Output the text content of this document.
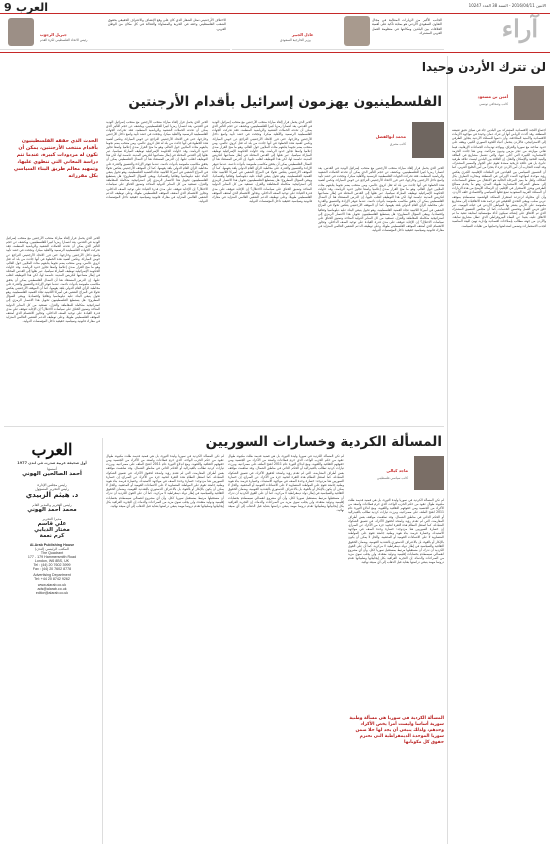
9 العرب	الاثنين 2016/04/11 - السنة 38 العدد 10247
جبريل الرجوب
رئيس الاتحاد الفلسطيني لكرة القدم
الاختلاف الأرجنتيني تمثل الشعار الذي كان على وقع الإنصاف والاعتراف الحقيقي بحقوق الشعب الفلسطيني وحقه في الحرية والمساواة والعدالة في كل مكان من الوطن العربي.
عادل الجبير
وزير الخارجية السعودي
الجانب الأكبر من الزيارات المتتالية في مجال التعاون السعودي الأردني هو بمثابة تأكيد على أهمية العلاقات بين البلدين ومكانتها في منظومة العمل العربي المشترك. آراء
لن تترك الأردن وحيدا
أمين بن مسعود
كاتب وصحافي تونسي

اجتماع اللجنة الاقتصادية المشتركة بين البلدين جاء في سياق دقيق تعيشه المنطقة، وقد أكدت الرياض أنها لن تترك عمان وحيدة في مواجهة الأزمات الاقتصادية والأمنية المتلاحقة، وأن دعمها للمملكة الأردنية يتجاوز الظرفي إلى الاستراتيجي. فالأردن يتحمل أعباء اللجوء السوري الكبير، ويقف على حدود ساخنة مع سوريا والعراق، ويواجه تهديدات الجماعات الإرهابية، فيما تعاني موازنته من عجز مزمن وديون متراكمة. ومن هنا جاءت الحزمة الاستثمارية الكبيرة التي أعلن عنها، والتي تشمل مشاريع في الطاقة والبنية التحتية والإسكان والنقل. إن العلاقة بين البلدين ليست علاقة ظرفية عابرة، بل هي علاقة تاريخية ممتدة تقوم على الجوار والمصير المشترك، وقد أثبتت التجارب أن أمن الأردن جزء لا يتجزأ من أمن الخليج العربي. كما أن التنسيق السياسي بين القيادتين في الملفات الإقليمية الكبرى يعكس رؤية موحدة لمواجهة التمدد الإيراني في المنطقة ومحاربة التطرف بكل أشكاله. ولعل ما يميز المرحلة الحالية هو الانتقال من منطق المساعدات إلى منطق الشراكة الاستثمارية طويلة المدى، وهو ما يخدم مصالح الطرفين ويعزز الاستقرار في الإقليم. إن الرسالة الأوضح من هذه الزيارات أن المملكة العربية السعودية تضع ثقلها السياسي والاقتصادي خلف الأردن، وأن أي محاولة لزعزعة استقرار المملكة الهاشمية ستصطدم بموقف عربي صلب. ويبقى التحدي الحقيقي في ترجمة هذه الاتفاقيات إلى مشاريع ملموسة على الأرض يشعر بها المواطن الأردني في حياته اليومية، عبر خلق فرص العمل وتحسين الخدمات. كما أن مجلس التنسيق المشترك الذي تم الاتفاق على إنشائه سيكون أداة مؤسساتية لمتابعة تنفيذ ما تم الاتفاق عليه، بعيدا عن البطء البيروقراطي الذي عطل مشاريع سابقة. والأردن من جهته مطالب بإصلاحات اقتصادية وإدارية تهيئ البيئة المناسبة لجذب الاستثمارات وتضمن استدامتها وحمايتها من تقلبات السياسة.

الفلسطينيون يهزمون إسرائيل بأقدام الأرجنتين
محمد أبوالفضل
كاتب مصري
الحدث الذي حققه الفلسطينيون بأقدام منتخب الأرجنتين، يمكن أن تكون له مردودات كبيرة، عندما تتم دراسة المعاني التي تنطوي عليها، وتمهيد معالم طريق البناء السياسي بكل مقرراته

الخبر الذي يحمل قرار إلغاء مباراة منتخب الأرجنتين مع منتخب إسرائيل الودية في القدس، يعد انتصارا رمزيا كبيرا للفلسطينيين، ويكشف عن حجم التأثير الذي يمكن أن تحدثه الحملات الشعبية والرياضية المنظمة. فقد تحركت الجهات الفلسطينية الرسمية والأهلية مبكرا، ونجحت في حشد تأييد واسع داخل الأرجنتين وخارجها، حتى قرر الاتحاد الأرجنتيني التراجع عن خوض المباراة. وتكمن أهمية هذه الخطوة في أنها جاءت من بلد له ثقل كروي عالمي، ومن منتخب يضم نجوما يتابعهم مئات الملايين حول العالم، وهو ما منح القرار صدى إعلاميا واسعا تجاوز حدود الرياضة. وقد حاولت الحكومة الإسرائيلية توظيف المباراة سياسيا، عبر نقلها إلى القدس المحتلة في إطار مساعيها لتكريس المدينة عاصمة لها، لكن هذا التوظيف انقلب عليها. إن الدرس المستفاد هنا أن النضال الفلسطيني يمكن أن يحقق مكاسب ملموسة بأدوات ناعمة، عندما تتوفر الإرادة والتنسيق والقدرة على مخاطبة الرأي العام الدولي بلغة يفهمها. كما أن الموقف الأرجنتيني يعكس تحولا في المزاج الشعبي في أميركا اللاتينية تجاه القضية الفلسطينية، وهو تحول ينبغي البناء عليه دبلوماسيا وثقافيا واقتصاديا. ويبقى السؤال المطروح: هل يستطيع الفلسطينيون تحويل هذا الانتصار الرمزي إلى استراتيجية متكاملة للمقاطعة والعزل، تستفيد من كل المنابر الدولية المتاحة وتضيق الخناق على سياسات الاحتلال؟ إن الإجابة تتوقف على مدى قدرة القيادة على توحيد الصف الداخلي، وتجاوز الانقسام الذي أضعف الموقف الفلسطيني طويلا، وعلى توظيف الدعم الشعبي العالمي المتزايد في معارك قانونية وسياسية حقيقية داخل المؤسسات الدولية.

الخبر الذي يحمل قرار إلغاء مباراة منتخب الأرجنتين مع منتخب إسرائيل الودية في القدس، يعد انتصارا رمزيا كبيرا للفلسطينيين، ويكشف عن حجم التأثير الذي يمكن أن تحدثه الحملات الشعبية والرياضية المنظمة. فقد تحركت الجهات الفلسطينية الرسمية والأهلية مبكرا، ونجحت في حشد تأييد واسع داخل الأرجنتين وخارجها، حتى قرر الاتحاد الأرجنتيني التراجع عن خوض المباراة. وتكمن أهمية هذه الخطوة في أنها جاءت من بلد له ثقل كروي عالمي، ومن منتخب يضم نجوما يتابعهم مئات الملايين حول العالم، وهو ما منح القرار صدى إعلاميا واسعا تجاوز حدود الرياضة. وقد حاولت الحكومة الإسرائيلية توظيف المباراة سياسيا، عبر نقلها إلى القدس المحتلة في إطار مساعيها لتكريس المدينة عاصمة لها، لكن هذا التوظيف انقلب عليها. إن الدرس المستفاد هنا أن النضال الفلسطيني يمكن أن يحقق مكاسب ملموسة بأدوات ناعمة، عندما تتوفر الإرادة والتنسيق والقدرة على مخاطبة الرأي العام الدولي بلغة يفهمها. كما أن الموقف الأرجنتيني يعكس تحولا في المزاج الشعبي في أميركا اللاتينية تجاه القضية الفلسطينية، وهو تحول ينبغي البناء عليه دبلوماسيا وثقافيا واقتصاديا. ويبقى السؤال المطروح: هل يستطيع الفلسطينيون تحويل هذا الانتصار الرمزي إلى استراتيجية متكاملة للمقاطعة والعزل، تستفيد من كل المنابر الدولية المتاحة وتضيق الخناق على سياسات الاحتلال؟ إن الإجابة تتوقف على مدى قدرة القيادة على توحيد الصف الداخلي، وتجاوز الانقسام الذي أضعف الموقف الفلسطيني طويلا، وعلى توظيف الدعم الشعبي العالمي المتزايد في معارك قانونية وسياسية حقيقية داخل المؤسسات الدولية.

الخبر الذي يحمل قرار إلغاء مباراة منتخب الأرجنتين مع منتخب إسرائيل الودية في القدس، يعد انتصارا رمزيا كبيرا للفلسطينيين، ويكشف عن حجم التأثير الذي يمكن أن تحدثه الحملات الشعبية والرياضية المنظمة. فقد تحركت الجهات الفلسطينية الرسمية والأهلية مبكرا، ونجحت في حشد تأييد واسع داخل الأرجنتين وخارجها، حتى قرر الاتحاد الأرجنتيني التراجع عن خوض المباراة. وتكمن أهمية هذه الخطوة في أنها جاءت من بلد له ثقل كروي عالمي، ومن منتخب يضم نجوما يتابعهم مئات الملايين حول العالم، وهو ما منح القرار صدى إعلاميا واسعا تجاوز حدود الرياضة. وقد حاولت الحكومة الإسرائيلية توظيف المباراة سياسيا، عبر نقلها إلى القدس المحتلة في إطار مساعيها لتكريس المدينة عاصمة لها، لكن هذا التوظيف انقلب عليها. إن الدرس المستفاد هنا أن النضال الفلسطيني يمكن أن يحقق مكاسب ملموسة بأدوات ناعمة، عندما تتوفر الإرادة والتنسيق والقدرة على مخاطبة الرأي العام الدولي بلغة يفهمها. كما أن الموقف الأرجنتيني يعكس تحولا في المزاج الشعبي في أميركا اللاتينية تجاه القضية الفلسطينية، وهو تحول ينبغي البناء عليه دبلوماسيا وثقافيا واقتصاديا. ويبقى السؤال المطروح: هل يستطيع الفلسطينيون تحويل هذا الانتصار الرمزي إلى استراتيجية متكاملة للمقاطعة والعزل، تستفيد من كل المنابر الدولية المتاحة وتضيق الخناق على سياسات الاحتلال؟ إن الإجابة تتوقف على مدى قدرة القيادة على توحيد الصف الداخلي، وتجاوز الانقسام الذي أضعف الموقف الفلسطيني طويلا، وعلى توظيف الدعم الشعبي العالمي المتزايد في معارك قانونية وسياسية حقيقية داخل المؤسسات الدولية.

الخبر الذي يحمل قرار إلغاء مباراة منتخب الأرجنتين مع منتخب إسرائيل الودية في القدس، يعد انتصارا رمزيا كبيرا للفلسطينيين، ويكشف عن حجم التأثير الذي يمكن أن تحدثه الحملات الشعبية والرياضية المنظمة. فقد تحركت الجهات الفلسطينية الرسمية والأهلية مبكرا، ونجحت في حشد تأييد واسع داخل الأرجنتين وخارجها، حتى قرر الاتحاد الأرجنتيني التراجع عن خوض المباراة. وتكمن أهمية هذه الخطوة في أنها جاءت من بلد له ثقل كروي عالمي، ومن منتخب يضم نجوما يتابعهم مئات الملايين حول العالم، وهو ما منح القرار صدى إعلاميا واسعا تجاوز حدود الرياضة. وقد حاولت الحكومة الإسرائيلية توظيف المباراة سياسيا، عبر نقلها إلى القدس المحتلة في إطار مساعيها لتكريس المدينة عاصمة لها، لكن هذا التوظيف انقلب عليها. إن الدرس المستفاد هنا أن النضال الفلسطيني يمكن أن يحقق مكاسب ملموسة بأدوات ناعمة، عندما تتوفر الإرادة والتنسيق والقدرة على مخاطبة الرأي العام الدولي بلغة يفهمها. كما أن الموقف الأرجنتيني يعكس تحولا في المزاج الشعبي في أميركا اللاتينية تجاه القضية الفلسطينية، وهو تحول ينبغي البناء عليه دبلوماسيا وثقافيا واقتصاديا. ويبقى السؤال المطروح: هل يستطيع الفلسطينيون تحويل هذا الانتصار الرمزي إلى استراتيجية متكاملة للمقاطعة والعزل، تستفيد من كل المنابر الدولية المتاحة وتضيق الخناق على سياسات الاحتلال؟ إن الإجابة تتوقف على مدى قدرة القيادة على توحيد الصف الداخلي، وتجاوز الانقسام الذي أضعف الموقف الفلسطيني طويلا، وعلى توظيف الدعم الشعبي العالمي المتزايد في معارك قانونية وسياسية حقيقية داخل المؤسسات الدولية.

المسألة الكردية وخسارات السوريين
ماجد كيالي
كاتب سياسي فلسطيني

لم تكن المسألة الكردية في سوريا وليدة الثورة، بل هي قضية قديمة ظلت مكبوتة طوال عقود من حكم الحزب الواحد، الذي حرم قطاعات واسعة من الأكراد من الجنسية ومن حقوقهم الثقافية واللغوية. ومع اندلاع الثورة عام 2011 انفتح الملف على مصراعيه، وبرزت تيارات كردية تطالب بالفيدرالية أو الحكم الذاتي في مناطق الشمال. وقد ساهمت مواقف بعض أطراف المعارضة، التي لم تقدم رؤية واضحة لحقوق الأكراد، في تعميق الشكوك المتبادلة، كما استغل النظام هذه الثغرة لتحييد جزء من الأكراد عن الصراع. إن خسارة السوريين هنا مزدوجة: خسارة وحدة الصف في مواجهة الاستبداد، وخسارة فرصة بناء هوية وطنية جامعة تقوم على المواطنة المتساوية لا على الانتماءات القومية أو المذهبية. والحل لا يمكن أن يكون بالإنكار أو بالقوة، بل بالاعتراف الدستوري بالتعددية القومية، وضمان الحقوق الثقافية والسياسية في إطار دولة ديمقراطية لا مركزية. كما أن على القوى الكردية أن تدرك أن مستقبلها مرتبط بمستقبل سوريا ككل، وأن أي مشروع انفصالي سيصطدم بحسابات إقليمية ودولية معقدة، ولن يجلب سوى مزيد من الصراعات والدماء. إن التجربة العراقية بكل إيجابياتها وسلبياتها تقدم دروسا مهمة ينبغي دراستها بعناية قبل الذهاب إلى أي صيغة نهائية.

المسألة الكردية في سوريا هي مسألة وطنية سورية أساسا وليست أمرا يخص الأكراد وحدهم، ولذلك ينبغي أن يجد لها حلا ضمن سوريا الموحدة الديمقراطية التي تحترم حقوق كل مكوناتها

لم تكن المسألة الكردية في سوريا وليدة الثورة، بل هي قضية قديمة ظلت مكبوتة طوال عقود من حكم الحزب الواحد، الذي حرم قطاعات واسعة من الأكراد من الجنسية ومن حقوقهم الثقافية واللغوية. ومع اندلاع الثورة عام 2011 انفتح الملف على مصراعيه، وبرزت تيارات كردية تطالب بالفيدرالية أو الحكم الذاتي في مناطق الشمال. وقد ساهمت مواقف بعض أطراف المعارضة، التي لم تقدم رؤية واضحة لحقوق الأكراد، في تعميق الشكوك المتبادلة، كما استغل النظام هذه الثغرة لتحييد جزء من الأكراد عن الصراع. إن خسارة السوريين هنا مزدوجة: خسارة وحدة الصف في مواجهة الاستبداد، وخسارة فرصة بناء هوية وطنية جامعة تقوم على المواطنة المتساوية لا على الانتماءات القومية أو المذهبية. والحل لا يمكن أن يكون بالإنكار أو بالقوة، بل بالاعتراف الدستوري بالتعددية القومية، وضمان الحقوق الثقافية والسياسية في إطار دولة ديمقراطية لا مركزية. كما أن على القوى الكردية أن تدرك أن مستقبلها مرتبط بمستقبل سوريا ككل، وأن أي مشروع انفصالي سيصطدم بحسابات إقليمية ودولية معقدة، ولن يجلب سوى مزيد من الصراعات والدماء. إن التجربة العراقية بكل إيجابياتها وسلبياتها تقدم دروسا مهمة ينبغي دراستها بعناية قبل الذهاب إلى أي صيغة نهائية.

لم تكن المسألة الكردية في سوريا وليدة الثورة، بل هي قضية قديمة ظلت مكبوتة طوال عقود من حكم الحزب الواحد، الذي حرم قطاعات واسعة من الأكراد من الجنسية ومن حقوقهم الثقافية واللغوية. ومع اندلاع الثورة عام 2011 انفتح الملف على مصراعيه، وبرزت تيارات كردية تطالب بالفيدرالية أو الحكم الذاتي في مناطق الشمال. وقد ساهمت مواقف بعض أطراف المعارضة، التي لم تقدم رؤية واضحة لحقوق الأكراد، في تعميق الشكوك المتبادلة، كما استغل النظام هذه الثغرة لتحييد جزء من الأكراد عن الصراع. إن خسارة السوريين هنا مزدوجة: خسارة وحدة الصف في مواجهة الاستبداد، وخسارة فرصة بناء هوية وطنية جامعة تقوم على المواطنة المتساوية لا على الانتماءات القومية أو المذهبية. والحل لا يمكن أن يكون بالإنكار أو بالقوة، بل بالاعتراف الدستوري بالتعددية القومية، وضمان الحقوق الثقافية والسياسية في إطار دولة ديمقراطية لا مركزية. كما أن على القوى الكردية أن تدرك أن مستقبلها مرتبط بمستقبل سوريا ككل، وأن أي مشروع انفصالي سيصطدم بحسابات إقليمية ودولية معقدة، ولن يجلب سوى مزيد من الصراعات والدماء. إن التجربة العراقية بكل إيجابياتها وسلبياتها تقدم دروسا مهمة ينبغي دراستها بعناية قبل الذهاب إلى أي صيغة نهائية.

العرب
أول صحيفة عربية صدرت في لندن 1977
أسسها
أحمد الصالحين الهوني
رئيس مجلس الإدارة
رئيس التحرير المسؤول
د. هيثم الزبيدي
رئيس التحرير والمدير العام
محمد أحمد الهوني
مديرا التحرير
علي قاسم
مختار الدبابي
كرم نعمة
Al-Arab Publishing House
المكتب الرئيسي (لندن)
The Quadrant
177 - 179 Hammersmith Road
London, W6 8BS, UK
Tel : (44) 20 7602 3999
Fax : (44) 20 7602 8778
Advertising Department
Tel: +44 20 8742 9262
www.alarab.co.uk
ads@alarab.co.uk
editor@alarab.co.uk
